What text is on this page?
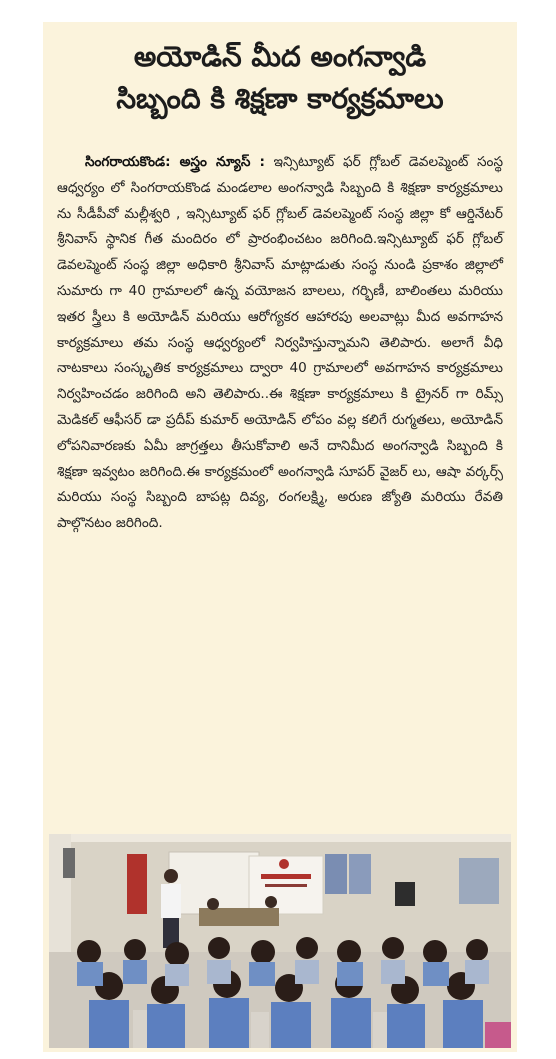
అయోడిన్ మీద అంగన్వాడి
సిబ్బంది కి శిక్షణా కార్యక్రమాలు
సింగరాయకొండ: అస్త్రం న్యూస్ : ఇన్సిట్యూట్ ఫర్ గ్లోబల్ డెవలప్మెంట్ సంస్థ ఆధ్వర్యం లో సింగరాయకొండ మండలాల అంగన్వాడి సిబ్బంది కి శిక్షణా కార్యక్రమాలు ను సీడీపీవో మల్లీశ్వరి , ఇన్సిట్యూట్ ఫర్ గ్లోబల్ డెవలప్మెంట్ సంస్థ జిల్లా కో ఆర్డినేటర్ శ్రీనివాస్ స్థానిక గీత మందిరం లో ప్రారంభించటం జరిగింది.ఇన్సిట్యూట్ ఫర్ గ్లోబల్ డెవలప్మెంట్ సంస్థ జిల్లా అధికారి శ్రీనివాస్ మాట్లాడుతు సంస్థ నుండి ప్రకాశం జిల్లాలో సుమారు గా 40 గ్రామాలలో ఉన్న వయోజన బాలలు, గర్భిణీ, బాలింతలు మరియు ఇతర స్త్రీలు కి అయోడిన్ మరియు ఆరోగ్యకర ఆహారపు అలవాట్లు మీద అవగాహన కార్యక్రమాలు తమ సంస్థ ఆధ్వర్యంలో నిర్వహిస్తున్నామని తెలిపారు. అలాగే వీధి నాటకాలు సంస్కృతిక కార్యక్రమాలు ద్వారా 40 గ్రామాలలో అవగాహన కార్యక్రమాలు నిర్వహించడం జరిగింది అని తెలిపారు..ఈ శిక్షణా కార్యక్రమాలు కి ట్రైనర్ గా రిమ్స్ మెడికల్ ఆఫీసర్ డా ప్రదీప్ కుమార్ అయోడిన్ లోపం వల్ల కలిగే రుగ్మతలు, అయోడిన్ లోపనివారణకు ఏమీ జాగ్రత్తలు తీసుకోవాలి అనే దానిమీద అంగన్వాడి సిబ్బంది కి శిక్షణా ఇవ్వటం జరిగింది.ఈ కార్యక్రమంలో అంగన్వాడి సూపర్ వైజర్ లు, ఆషా వర్కర్స్ మరియు సంస్థ సిబ్బంది బాపట్ల దివ్య, రంగలక్ష్మి, అరుణ జ్యోతి మరియు రేవతి పాల్గొనటం జరిగింది.
